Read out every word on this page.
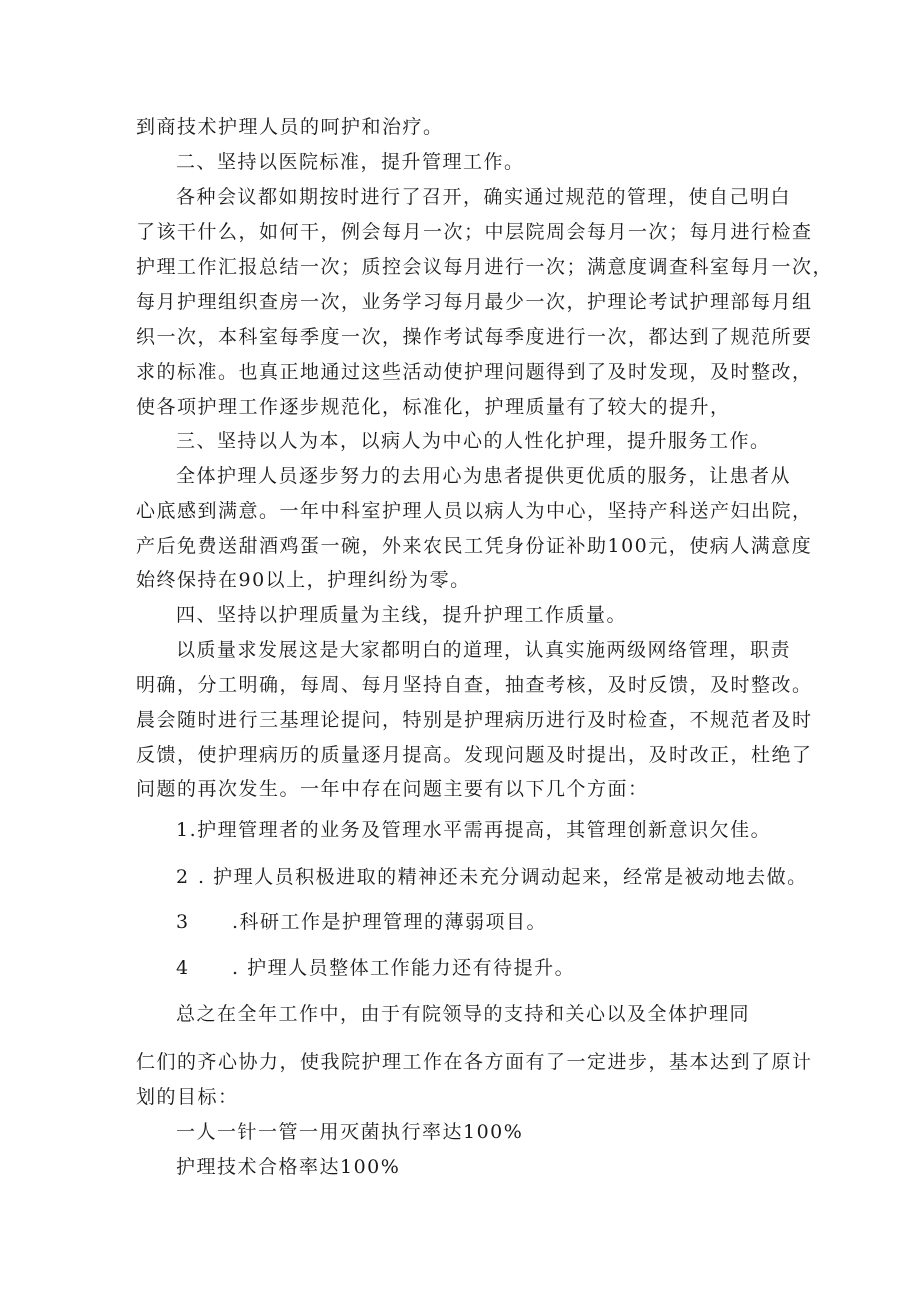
到商技术护理人员的呵护和治疗。
二、坚持以医院标准，提升管理工作。
各种会议都如期按时进行了召开，确实通过规范的管理，使自己明白
了该干什么，如何干，例会每月一次；中层院周会每月一次；每月进行检查
护理工作汇报总结一次；质控会议每月进行一次；满意度调查科室每月一次，
每月护理组织查房一次，业务学习每月最少一次，护理论考试护理部每月组
织一次，本科室每季度一次，操作考试每季度进行一次，都达到了规范所要
求的标准。也真正地通过这些活动使护理问题得到了及时发现，及时整改，
使各项护理工作逐步规范化，标准化，护理质量有了较大的提升，
三、坚持以人为本，以病人为中心的人性化护理，提升服务工作。
全体护理人员逐步努力的去用心为患者提供更优质的服务，让患者从
心底感到满意。一年中科室护理人员以病人为中心，坚持产科送产妇出院，
产后免费送甜酒鸡蛋一碗，外来农民工凭身份证补助100元，使病人满意度
始终保持在90以上，护理纠纷为零。
四、坚持以护理质量为主线，提升护理工作质量。
以质量求发展这是大家都明白的道理，认真实施两级网络管理，职责
明确，分工明确，每周、每月坚持自查，抽查考核，及时反馈，及时整改。
晨会随时进行三基理论提问，特别是护理病历进行及时检查，不规范者及时
反馈，使护理病历的质量逐月提高。发现问题及时提出，及时改正，杜绝了
问题的再次发生。一年中存在问题主要有以下几个方面：
1.护理管理者的业务及管理水平需再提高，其管理创新意识欠佳。
2 . 护理人员积极进取的精神还未充分调动起来，经常是被动地去做。
3 .科研工作是护理管理的薄弱项目。
4 . 护理人员整体工作能力还有待提升。
总之在全年工作中，由于有院领导的支持和关心以及全体护理同
仁们的齐心协力，使我院护理工作在各方面有了一定进步，基本达到了原计
划的目标：
一人一针一管一用灭菌执行率达100%
护理技术合格率达100%
